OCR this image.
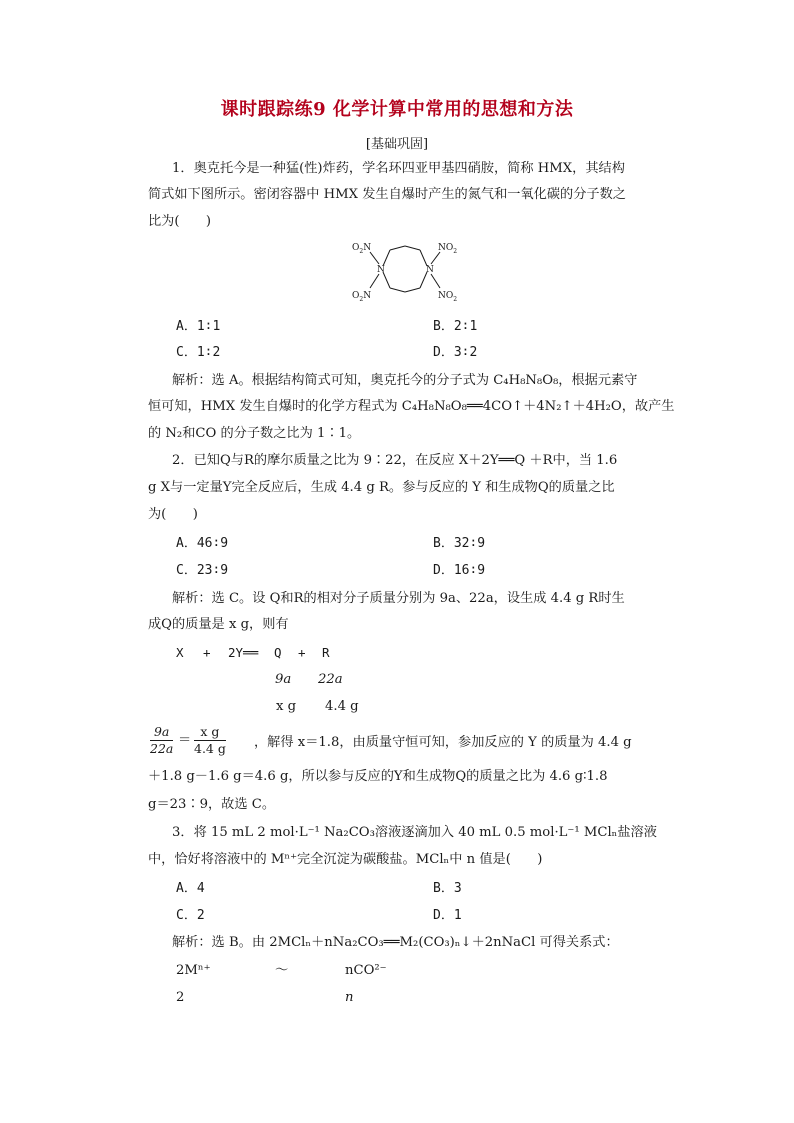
课时跟踪练9 化学计算中常用的思想和方法
[基础巩固]
1．奥克托今是一种猛(性)炸药，学名环四亚甲基四硝胺，简称 HMX，其结构
简式如下图所示。密闭容器中 HMX 发生自爆时产生的氮气和一氧化碳的分子数之
比为(　　)
N	N
$O_2N$	$NO_2$
$O_2N$	$NO_2$
A．1∶1	B．2∶1
C．1∶2	D．3∶2
解析：选 A。根据结构简式可知，奥克托今的分子式为 C₄H₈N₈O₈，根据元素守
恒可知，HMX 发生自爆时的化学方程式为 C₄H₈N₈O₈══4CO↑＋4N₂↑＋4H₂O，故产生
的 N₂和CO 的分子数之比为 1∶1。
2．已知Q与R的摩尔质量之比为 9∶22，在反应 X＋2Y══Q ＋R中，当 1.6
g X与一定量Y完全反应后，生成 4.4 g R。参与反应的 Y 和生成物Q的质量之比
为(　　)
A．46∶9	B．32∶9
C．23∶9	D．16∶9
解析：选 C。设 Q和R的相对分子质量分别为 9a、22a，设生成 4.4 g R时生
成Q的质量是 x g，则有
X + 2Y══ Q + R
9a 22a
x g 4.4 g
$\frac{9a}{22a} = \frac{\text{x g}}{4.4 g}$ ，解得 x＝1.8，由质量守恒可知，参加反应的 Y 的质量为 4.4 g
＋1.8 g－1.6 g＝4.6 g，所以参与反应的Y和生成物Q的质量之比为 4.6 g∶1.8
g＝23∶9，故选 C。
3．将 15 mL 2 mol·L⁻¹ Na₂CO₃溶液逐滴加入 40 mL 0.5 mol·L⁻¹ MClₙ盐溶液
中，恰好将溶液中的 Mⁿ⁺完全沉淀为碳酸盐。MClₙ中 n 值是(　　)
A．4	B．3
C．2	D．1
解析：选 B。由 2MClₙ＋nNa₂CO₃══M₂(CO₃)ₙ↓＋2nNaCl 可得关系式：
2Mⁿ⁺	～	nCO²⁻
2	n
